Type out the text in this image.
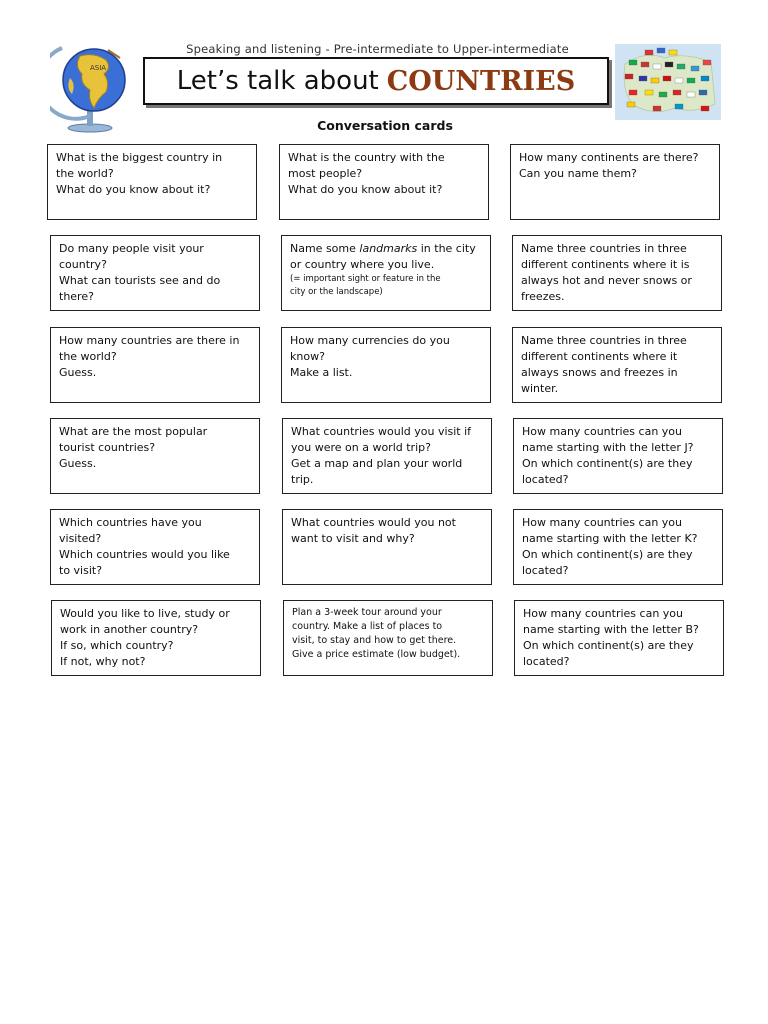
ASIA
Speaking and listening - Pre-intermediate to Upper-intermediate
Let’s talk about COUNTRIES
Conversation cards
What is the biggest country in
the world?
What do you know about it?
What is the country with the
most people?
What do you know about it?
How many continents are there?
Can you name them?
Do many people visit your
country?
What can tourists see and do
there?
Name some landmarks in the city
or country where you live.
(= important sight or feature in the
city or the landscape)
Name three countries in three
different continents where it is
always hot and never snows or
freezes.
How many countries are there in
the world?
Guess.
How many currencies do you
know?
Make a list.
Name three countries in three
different continents where it
always snows and freezes in
winter.
What are the most popular
tourist countries?
Guess.
What countries would you visit if
you were on a world trip?
Get a map and plan your world
trip.
How many countries can you
name starting with the letter J?
On which continent(s) are they
located?
Which countries have you
visited?
Which countries would you like
to visit?
What countries would you not
want to visit and why?
How many countries can you
name starting with the letter K?
On which continent(s) are they
located?
Would you like to live, study or
work in another country?
If so, which country?
If not, why not?
Plan a 3-week tour around your
country. Make a list of places to
visit, to stay and how to get there.
Give a price estimate (low budget).
How many countries can you
name starting with the letter B?
On which continent(s) are they
located?
